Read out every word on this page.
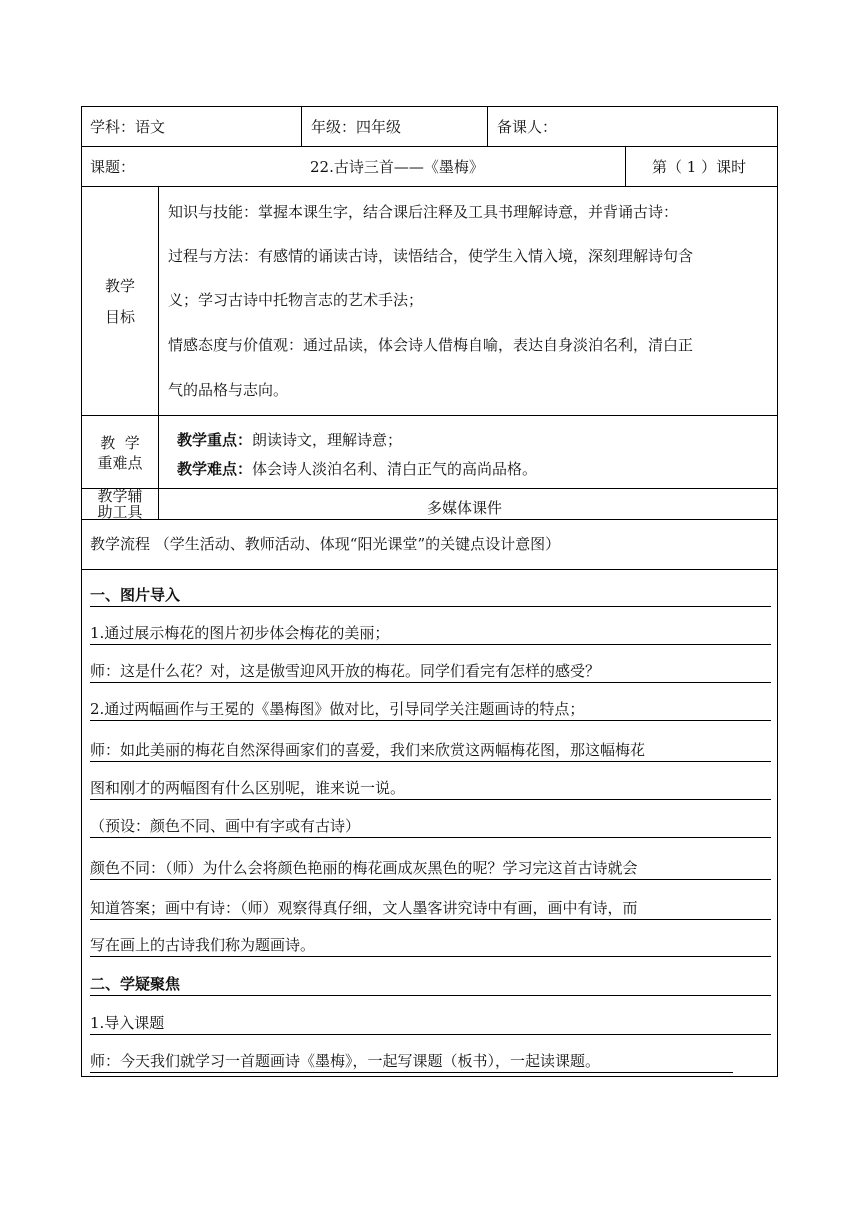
学科：语文	年级：四年级	备课人：
课题：	22.古诗三首——《墨梅》	第（ 1 ）课时
教学
目标

知识与技能：掌握本课生字，结合课后注释及工具书理解诗意，并背诵古诗：

过程与方法：有感情的诵读古诗，读悟结合，使学生入情入境，深刻理解诗句含

义；学习古诗中托物言志的艺术手法；

情感态度与价值观：通过品读，体会诗人借梅自喻，表达自身淡泊名利，清白正

气的品格与志向。

教  学
重难点
教学重点：朗读诗文，理解诗意；
教学难点：体会诗人淡泊名利、清白正气的高尚品格。
教学辅
助工具	多媒体课件
教学流程 （学生活动、教师活动、体现“阳光课堂”的关键点设计意图）
一、图片导入
1.通过展示梅花的图片初步体会梅花的美丽；
师：这是什么花？对，这是傲雪迎风开放的梅花。同学们看完有怎样的感受？
2.通过两幅画作与王冕的《墨梅图》做对比，引导同学关注题画诗的特点；
师：如此美丽的梅花自然深得画家们的喜爱，我们来欣赏这两幅梅花图，那这幅梅花
图和刚才的两幅图有什么区别呢，谁来说一说。
（预设：颜色不同、画中有字或有古诗）
颜色不同：（师）为什么会将颜色艳丽的梅花画成灰黑色的呢？学习完这首古诗就会
知道答案；画中有诗：（师）观察得真仔细，文人墨客讲究诗中有画，画中有诗，而
写在画上的古诗我们称为题画诗。
二、学疑聚焦
1.导入课题
师：今天我们就学习一首题画诗《墨梅》，一起写课题（板书），一起读课题。
